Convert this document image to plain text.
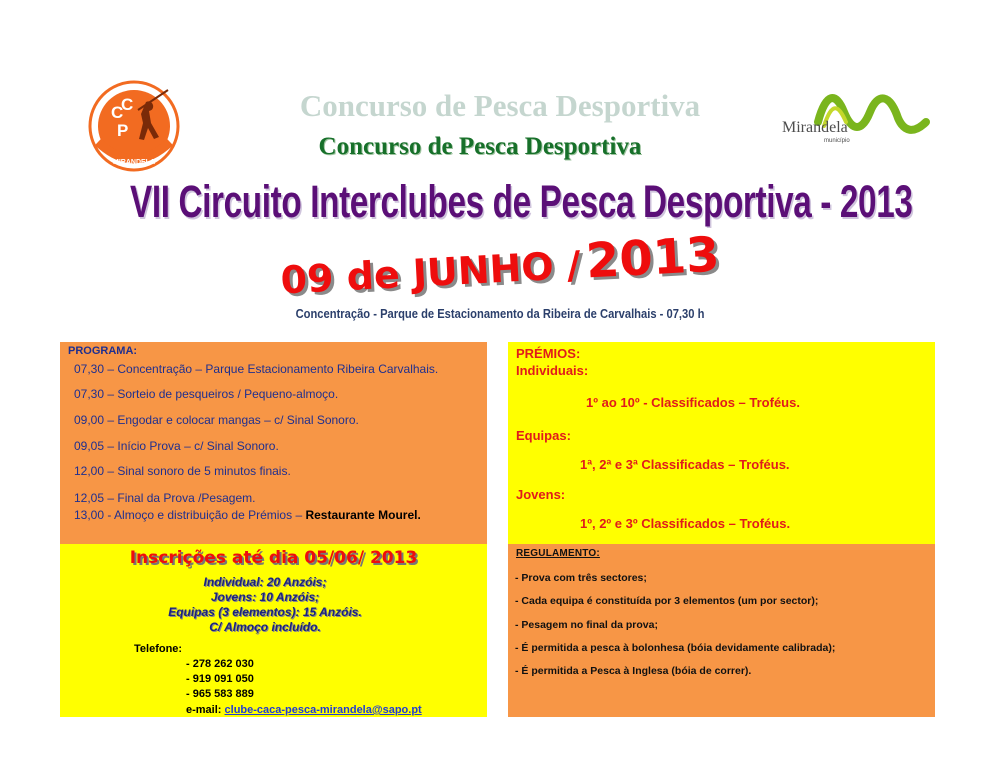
MIRANDELA
C
C
P	Mirandela
município
Concurso de Pesca Desportiva
Concurso de Pesca Desportiva
VII Circuito Interclubes de Pesca Desportiva - 2013
09 de JUNHO / 2013
Concentração - Parque de Estacionamento da Ribeira de Carvalhais - 07,30 h
PROGRAMA:
07,30 – Concentração – Parque Estacionamento Ribeira Carvalhais.
07,30 – Sorteio de pesqueiros / Pequeno-almoço.
09,00 – Engodar e colocar mangas – c/ Sinal Sonoro.
09,05 – Início Prova – c/ Sinal Sonoro.
12,00 – Sinal sonoro de 5 minutos finais.
12,05 – Final da Prova /Pesagem.
13,00 - Almoço e distribuição de Prémios – Restaurante Mourel.
Inscrições até dia 05/06/ 2013
Individual: 20 Anzóis;
Jovens: 10 Anzóis;
Equipas (3 elementos): 15 Anzóis.
C/ Almoço incluído.
Telefone:
- 278 262 030
- 919 091 050
- 965 583 889
e-mail: clube-caca-pesca-mirandela@sapo.pt
PRÉMIOS:
Individuais:
1º ao 10º - Classificados – Troféus.
Equipas:
1ª, 2ª e 3ª Classificadas – Troféus.
Jovens:
1º, 2º e 3º Classificados – Troféus.
REGULAMENTO:
- Prova com três sectores;
- Cada equipa é constituída por 3 elementos (um por sector);
- Pesagem no final da prova;
- É permitida a pesca à bolonhesa (bóia devidamente calibrada);
- É permitida a Pesca à Inglesa (bóia de correr).
